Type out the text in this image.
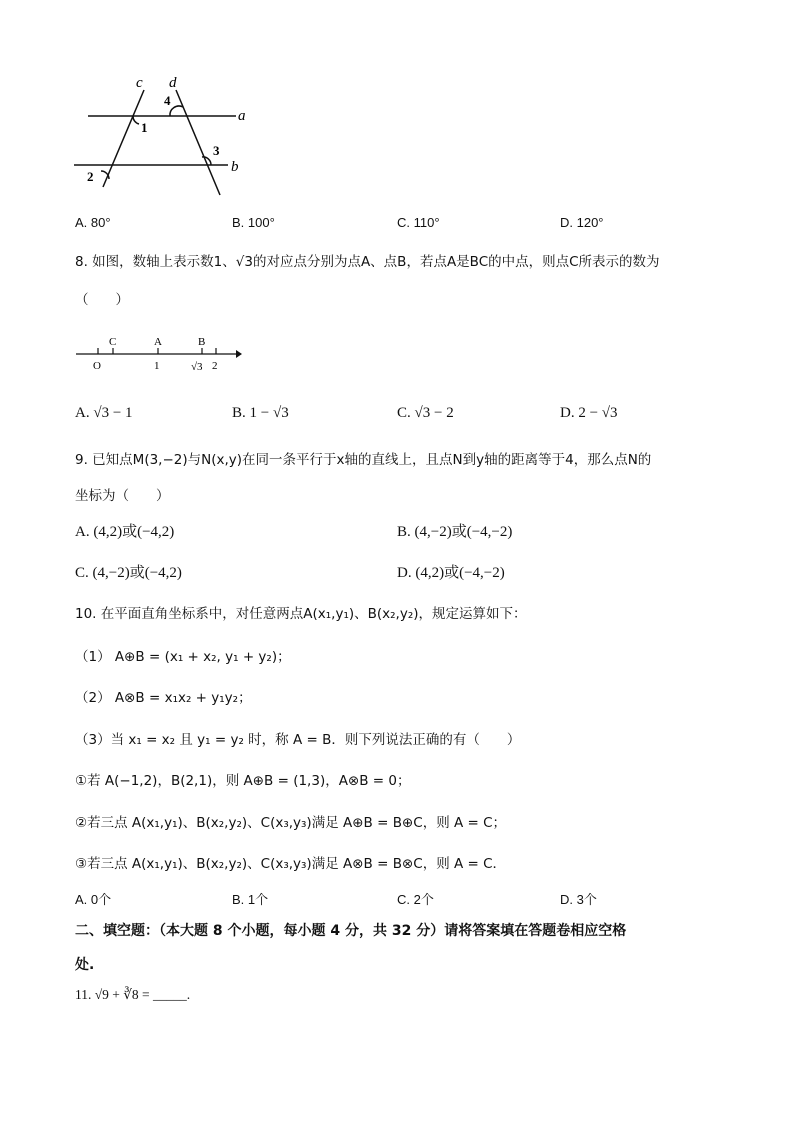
c d
a
b
1
2
3
4
A. 80°	B. 100°	C. 110°	D. 120°
8. 如图，数轴上表示数1、√3的对应点分别为点A、点B，若点A是BC的中点，则点C所表示的数为
（　　）
C	A	B
O	1	√3 2
A. √3 − 1	B. 1 − √3	C. √3 − 2	D. 2 − √3
9. 已知点M(3,−2)与N(x,y)在同一条平行于x轴的直线上，且点N到y轴的距离等于4，那么点N的
坐标为（　　）
A. (4,2)或(−4,2)	B. (4,−2)或(−4,−2)
C. (4,−2)或(−4,2)	D. (4,2)或(−4,−2)
10. 在平面直角坐标系中，对任意两点A(x₁,y₁)、B(x₂,y₂)，规定运算如下：
（1） A⊕B = (x₁ + x₂, y₁ + y₂)；
（2） A⊗B = x₁x₂ + y₁y₂；
（3）当 x₁ = x₂ 且 y₁ = y₂ 时，称 A = B．则下列说法正确的有（　　）
①若 A(−1,2)，B(2,1)，则 A⊕B = (1,3)，A⊗B = 0；
②若三点 A(x₁,y₁)、B(x₂,y₂)、C(x₃,y₃)满足 A⊕B = B⊕C，则 A = C；
③若三点 A(x₁,y₁)、B(x₂,y₂)、C(x₃,y₃)满足 A⊗B = B⊗C，则 A = C．
A. 0个	B. 1个	C. 2个	D. 3个
二、填空题：（本大题 8 个小题，每小题 4 分，共 32 分）请将答案填在答题卷相应空格
处.
11. √9 + ∛8 = _____.
